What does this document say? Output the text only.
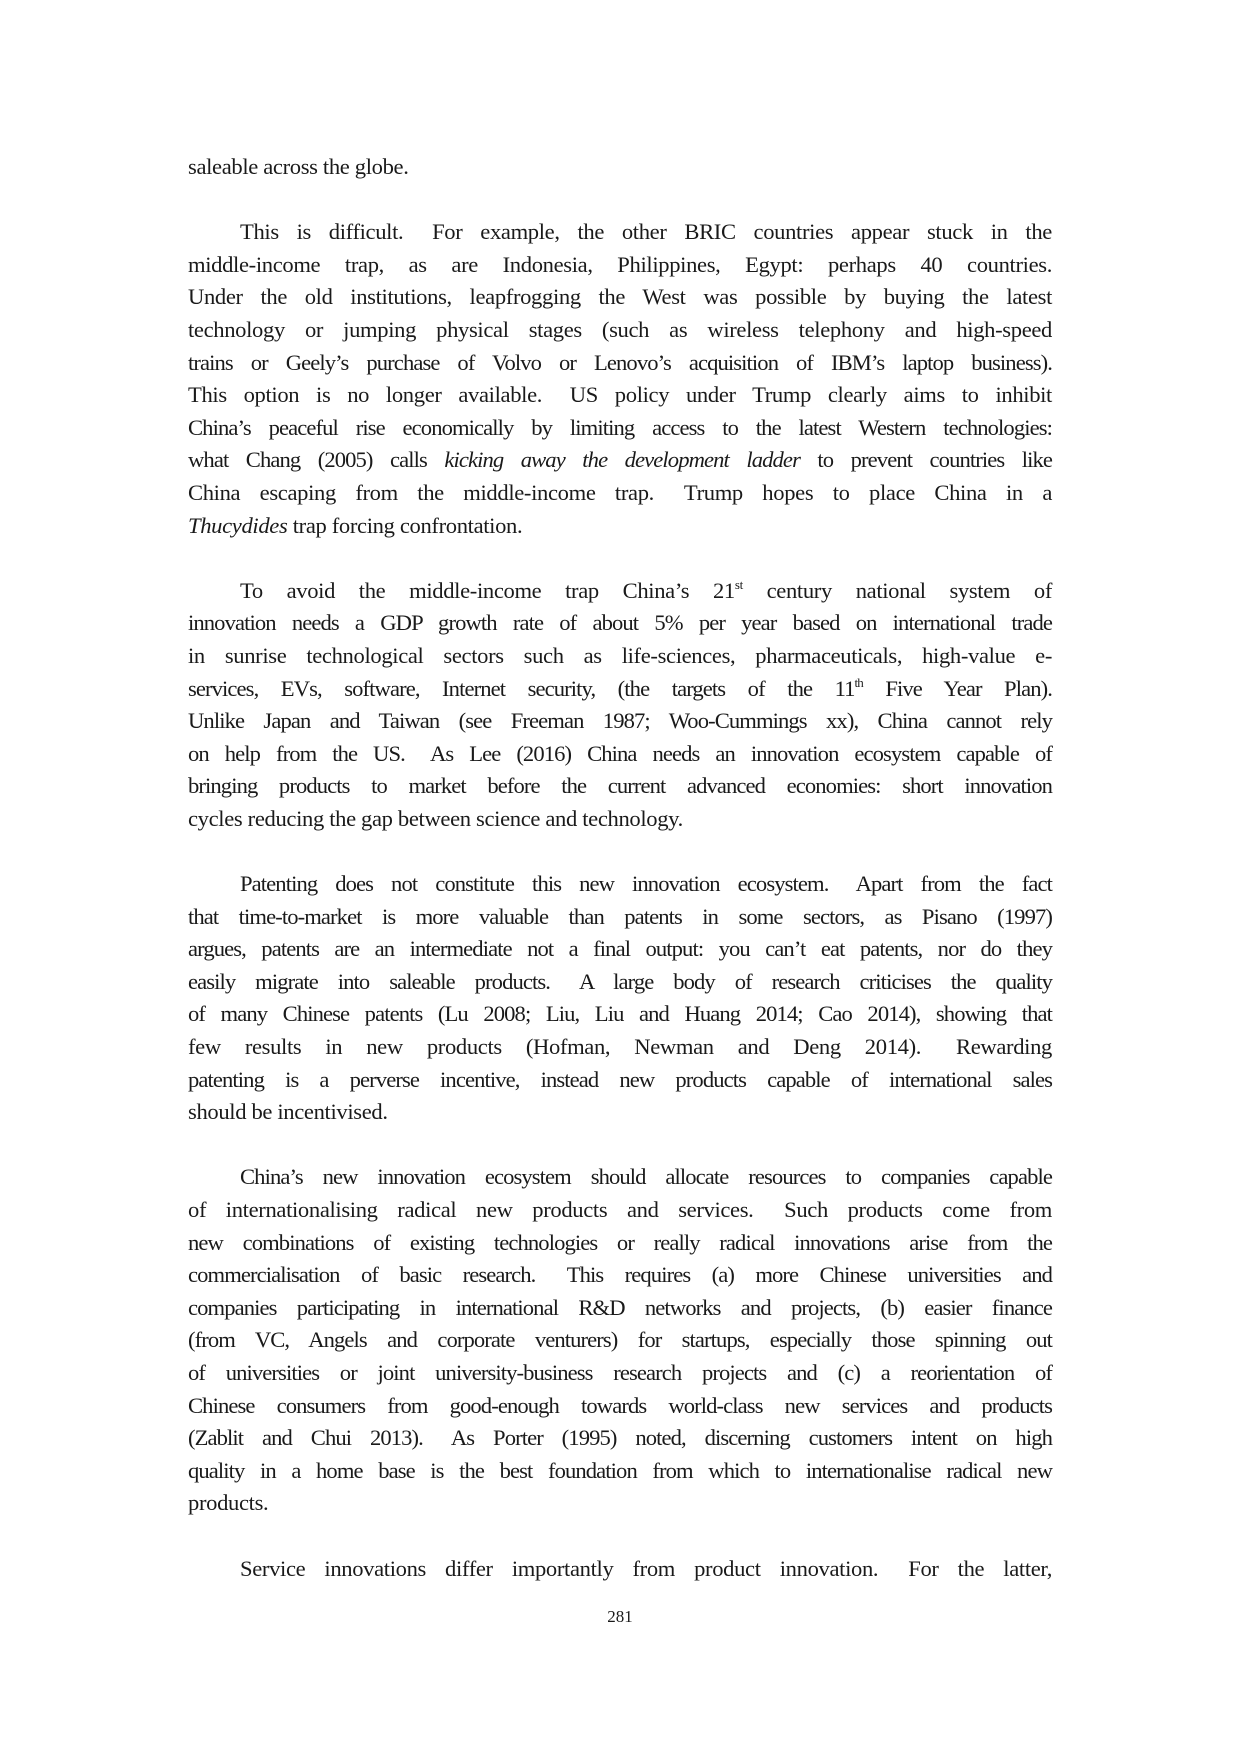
saleable across the globe.
This is difficult.  For example, the other BRIC countries appear stuck in the
middle-income trap, as are Indonesia, Philippines, Egypt: perhaps 40 countries.
Under the old institutions, leapfrogging the West was possible by buying the latest
technology or jumping physical stages (such as wireless telephony and high-speed
trains or Geely’s purchase of Volvo or Lenovo’s acquisition of IBM’s laptop business).
This option is no longer available.  US policy under Trump clearly aims to inhibit
China’s peaceful rise economically by limiting access to the latest Western technologies:
what Chang (2005) calls kicking away the development ladder to prevent countries like
China escaping from the middle-income trap.  Trump hopes to place China in a
Thucydides trap forcing confrontation.
To avoid the middle-income trap China’s 21st century national system of
innovation needs a GDP growth rate of about 5% per year based on international trade
in sunrise technological sectors such as life-sciences, pharmaceuticals, high-value e-
services, EVs, software, Internet security, (the targets of the 11th Five Year Plan).
Unlike Japan and Taiwan (see Freeman 1987; Woo-Cummings xx), China cannot rely
on help from the US.  As Lee (2016) China needs an innovation ecosystem capable of
bringing products to market before the current advanced economies: short innovation
cycles reducing the gap between science and technology.
Patenting does not constitute this new innovation ecosystem.  Apart from the fact
that time-to-market is more valuable than patents in some sectors, as Pisano (1997)
argues, patents are an intermediate not a final output: you can’t eat patents, nor do they
easily migrate into saleable products.  A large body of research criticises the quality
of many Chinese patents (Lu 2008; Liu, Liu and Huang 2014; Cao 2014), showing that
few results in new products (Hofman, Newman and Deng 2014).  Rewarding
patenting is a perverse incentive, instead new products capable of international sales
should be incentivised.
China’s new innovation ecosystem should allocate resources to companies capable
of internationalising radical new products and services.  Such products come from
new combinations of existing technologies or really radical innovations arise from the
commercialisation of basic research.  This requires (a) more Chinese universities and
companies participating in international R&D networks and projects, (b) easier finance
(from VC, Angels and corporate venturers) for startups, especially those spinning out
of universities or joint university-business research projects and (c) a reorientation of
Chinese consumers from good-enough towards world-class new services and products
(Zablit and Chui 2013).  As Porter (1995) noted, discerning customers intent on high
quality in a home base is the best foundation from which to internationalise radical new
products.
Service innovations differ importantly from product innovation.  For the latter,
281
